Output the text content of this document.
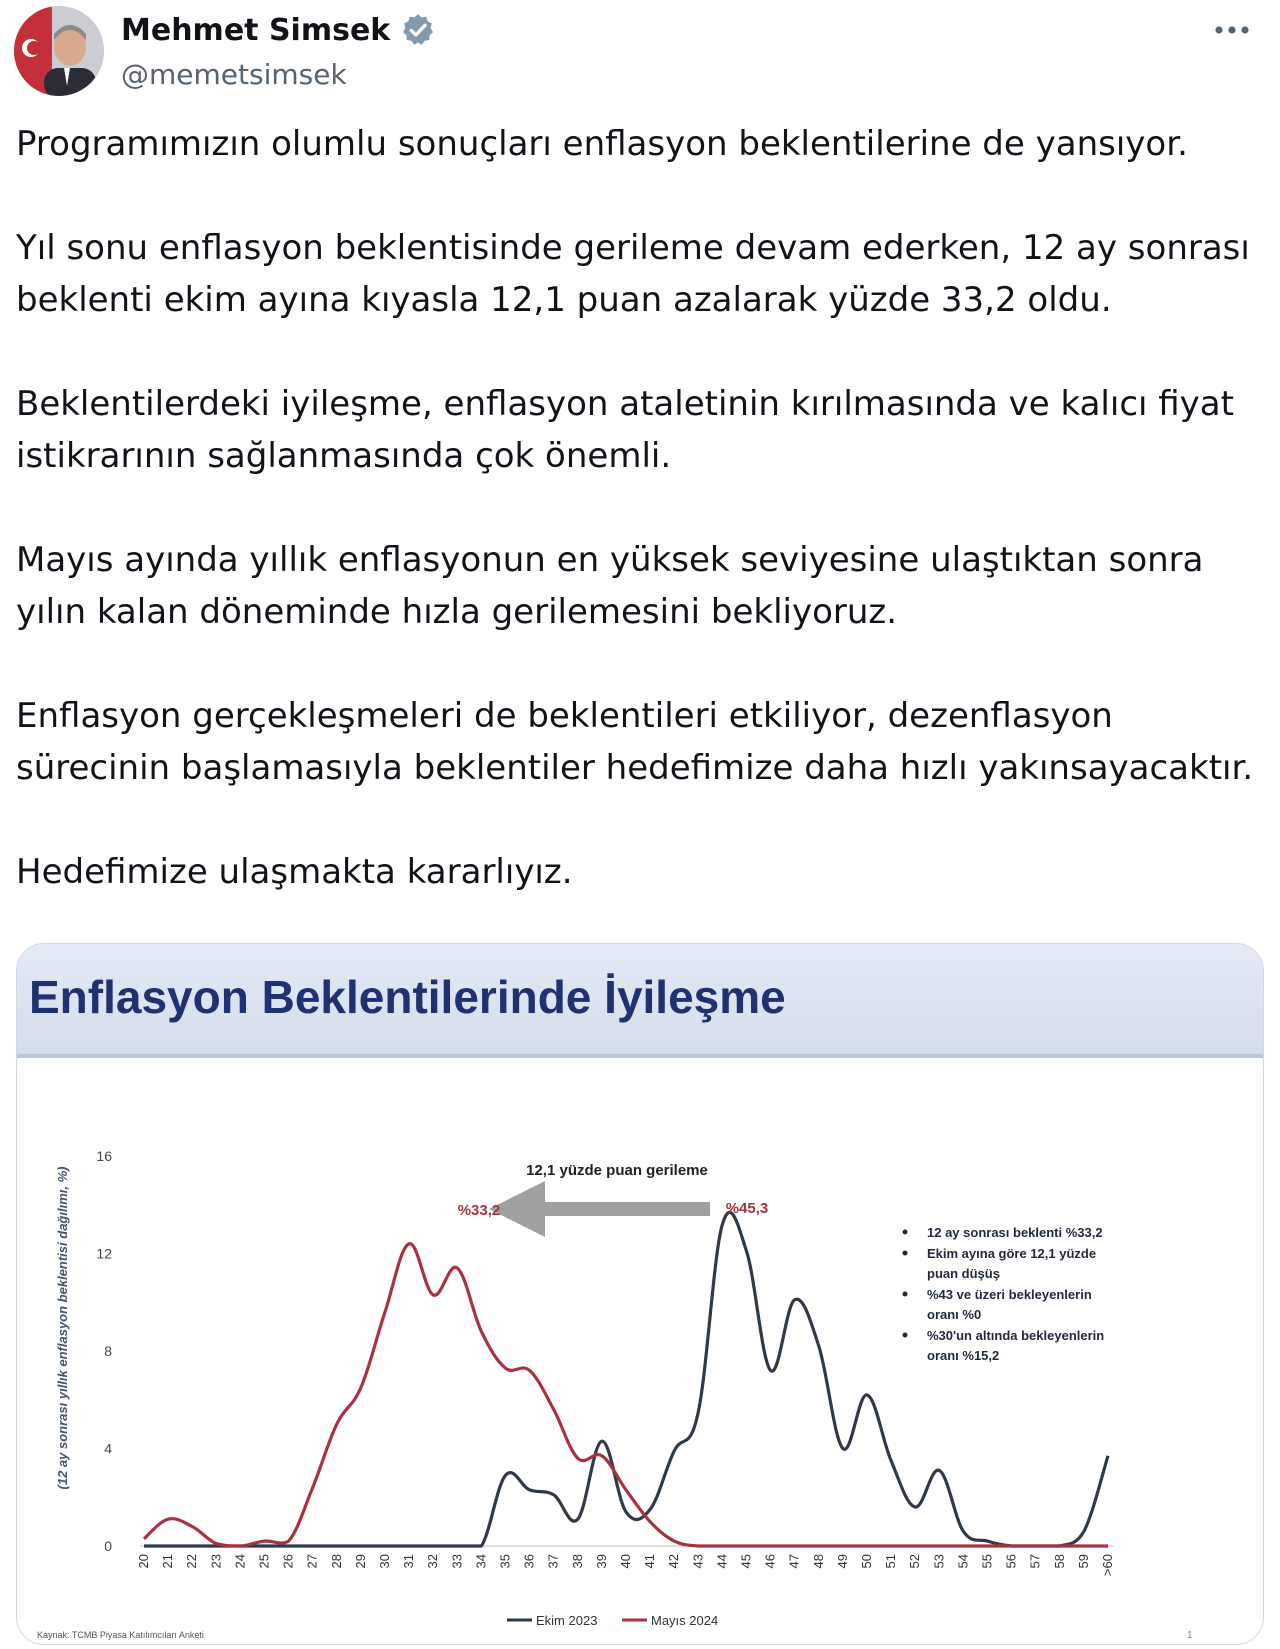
Mehmet Simsek
@memetsimsek

Programımızın olumlu sonuçları enflasyon beklentilerine de yansıyor.

Yıl sonu enflasyon beklentisinde gerileme devam ederken, 12 ay sonrası beklenti ekim ayına kıyasla 12,1 puan azalarak yüzde 33,2 oldu.

Beklentilerdeki iyileşme, enflasyon ataletinin kırılmasında ve kalıcı fiyat istikrarının sağlanmasında çok önemli.

Mayıs ayında yıllık enflasyonun en yüksek seviyesine ulaştıktan sonra yılın kalan döneminde hızla gerilemesini bekliyoruz.

Enflasyon gerçekleşmeleri de beklentileri etkiliyor, dezenflasyon sürecinin başlamasıyla beklentiler hedefimize daha hızlı yakınsayacaktır.

Hedefimize ulaşmakta kararlıyız.

Enflasyon Beklentilerinde İyileşme
(12 ay sonrası yıllık enflasyon beklentisi dağılımı, %)
0
4
8
12
16
20 21 22 23 24 25 26 27 28 29 30 31 32 33 34 35 36 37 38 39 40 41 42 43 44 45 46 47 48 49 50 51 52 53 54 55 56 57 58 59 >60
12,1 yüzde puan gerileme
%33,2	%45,3
12 ay sonrası beklenti %33,2
Ekim ayına göre 12,1 yüzde puan düşüş
%43 ve üzeri bekleyenlerin oranı %0
%30'un altında bekleyenlerin oranı %15,2
Ekim 2023	Mayıs 2024
Kaynak: TCMB Piyasa Katılımcıları Anketi	1
